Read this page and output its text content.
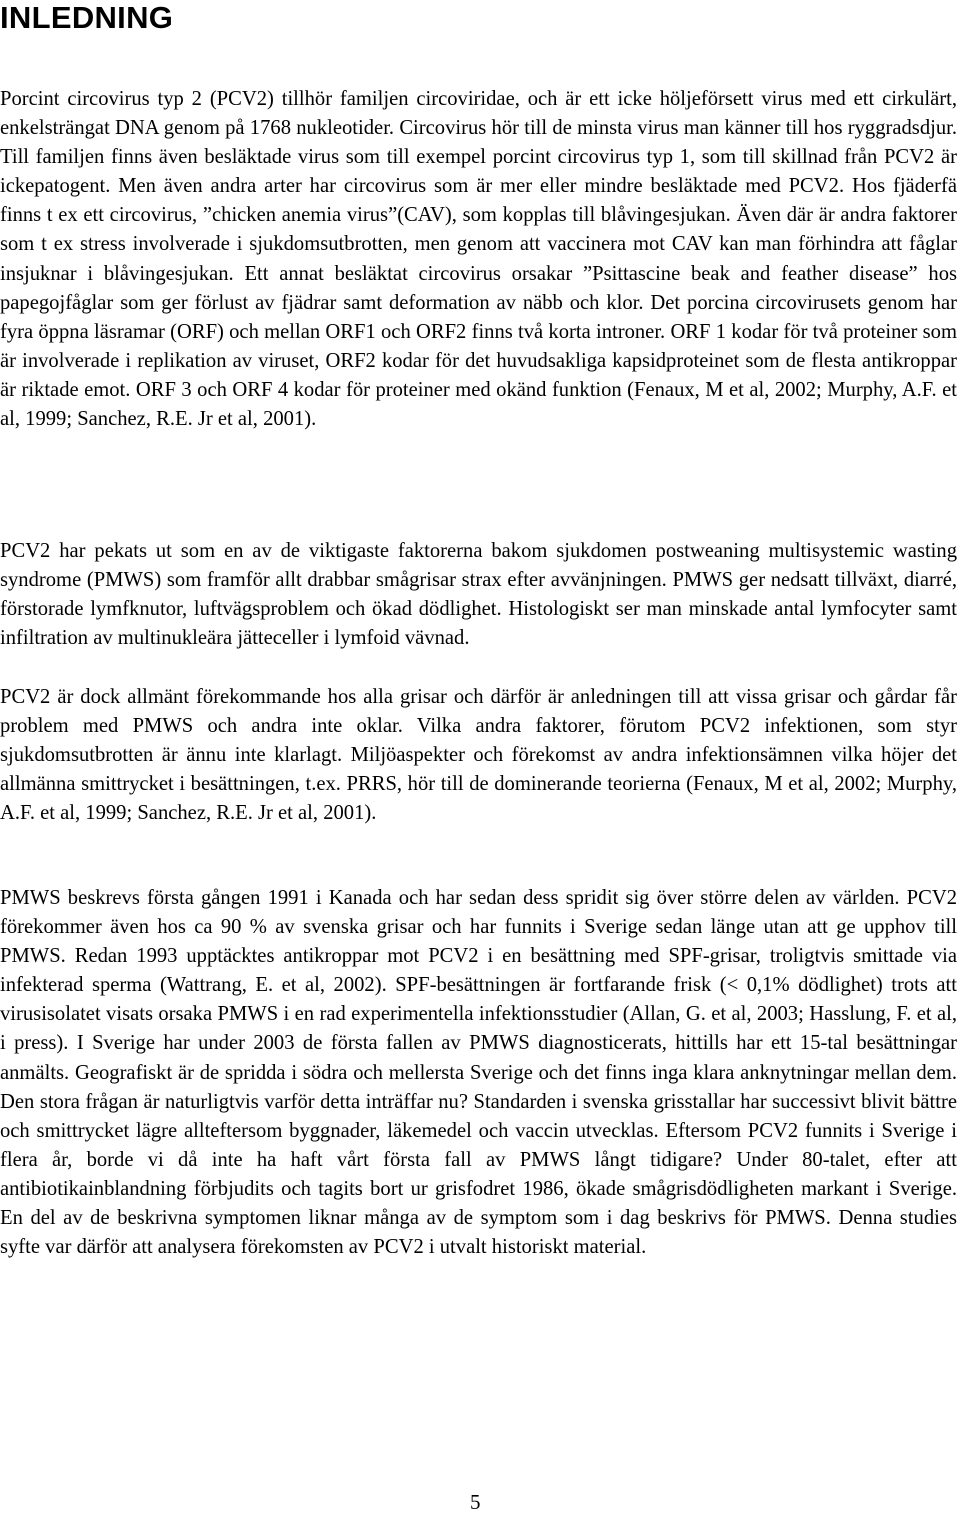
INLEDNING

Porcint circovirus typ 2 (PCV2) tillhör familjen circoviridae, och är ett icke höljeförsett virus med ett cirkulärt, enkelsträngat DNA genom på 1768 nukleotider. Circovirus hör till de minsta virus man känner till hos ryggradsdjur. Till familjen finns även besläktade virus som till exempel porcint circovirus typ 1, som till skillnad från PCV2 är ickepatogent. Men även andra arter har circovirus som är mer eller mindre besläktade med PCV2. Hos fjäderfä finns t ex ett circovirus, ”chicken anemia virus”(CAV), som kopplas till blåvingesjukan. Även där är andra faktorer som t ex stress involverade i sjukdomsutbrotten, men genom att vaccinera mot CAV kan man förhindra att fåglar insjuknar i blåvingesjukan. Ett annat besläktat circovirus orsakar ”Psittascine beak and feather disease” hos papegojfåglar som ger förlust av fjädrar samt deformation av näbb och klor. Det porcina circovirusets genom har fyra öppna läsramar (ORF) och mellan ORF1 och ORF2 finns två korta introner. ORF 1 kodar för två proteiner som är involverade i replikation av viruset, ORF2 kodar för det huvudsakliga kapsidproteinet som de flesta antikroppar är riktade emot. ORF 3 och ORF 4 kodar för proteiner med okänd funktion (Fenaux, M et al, 2002; Murphy, A.F. et al, 1999; Sanchez, R.E. Jr et al, 2001).

PCV2 har pekats ut som en av de viktigaste faktorerna bakom sjukdomen postweaning multisystemic wasting syndrome (PMWS) som framför allt drabbar smågrisar strax efter avvänjningen. PMWS ger nedsatt tillväxt, diarré, förstorade lymfknutor, luftvägsproblem och ökad dödlighet. Histologiskt ser man minskade antal lymfocyter samt infiltration av multinukleära jätteceller i lymfoid vävnad.

PCV2 är dock allmänt förekommande hos alla grisar och därför är anledningen till att vissa grisar och gårdar får problem med PMWS och andra inte oklar. Vilka andra faktorer, förutom PCV2 infektionen, som styr sjukdomsutbrotten är ännu inte klarlagt. Miljöaspekter och förekomst av andra infektionsämnen vilka höjer det allmänna smittrycket i besättningen, t.ex. PRRS, hör till de dominerande teorierna (Fenaux, M et al, 2002; Murphy, A.F. et al, 1999; Sanchez, R.E. Jr et al, 2001).

PMWS beskrevs första gången 1991 i Kanada och har sedan dess spridit sig över större delen av världen. PCV2 förekommer även hos ca 90 % av svenska grisar och har funnits i Sverige sedan länge utan att ge upphov till PMWS. Redan 1993 upptäcktes antikroppar mot PCV2 i en besättning med SPF-grisar, troligtvis smittade via infekterad sperma (Wattrang, E. et al, 2002). SPF-besättningen är fortfarande frisk (< 0,1% dödlighet) trots att virusisolatet visats orsaka PMWS i en rad experimentella infektionsstudier (Allan, G. et al, 2003; Hasslung, F. et al, i press). I Sverige har under 2003 de första fallen av PMWS diagnosticerats, hittills har ett 15-tal besättningar anmälts. Geografiskt är de spridda i södra och mellersta Sverige och det finns inga klara anknytningar mellan dem. Den stora frågan är naturligtvis varför detta inträffar nu? Standarden i svenska grisstallar har successivt blivit bättre och smittrycket lägre allteftersom byggnader, läkemedel och vaccin utvecklas. Eftersom PCV2 funnits i Sverige i flera år, borde vi då inte ha haft vårt första fall av PMWS långt tidigare? Under 80-talet, efter att antibiotikainblandning förbjudits och tagits bort ur grisfodret 1986, ökade smågrisdödligheten markant i Sverige. En del av de beskrivna symptomen liknar många av de symptom som i dag beskrivs för PMWS. Denna studies syfte var därför att analysera förekomsten av PCV2 i utvalt historiskt material.

5
